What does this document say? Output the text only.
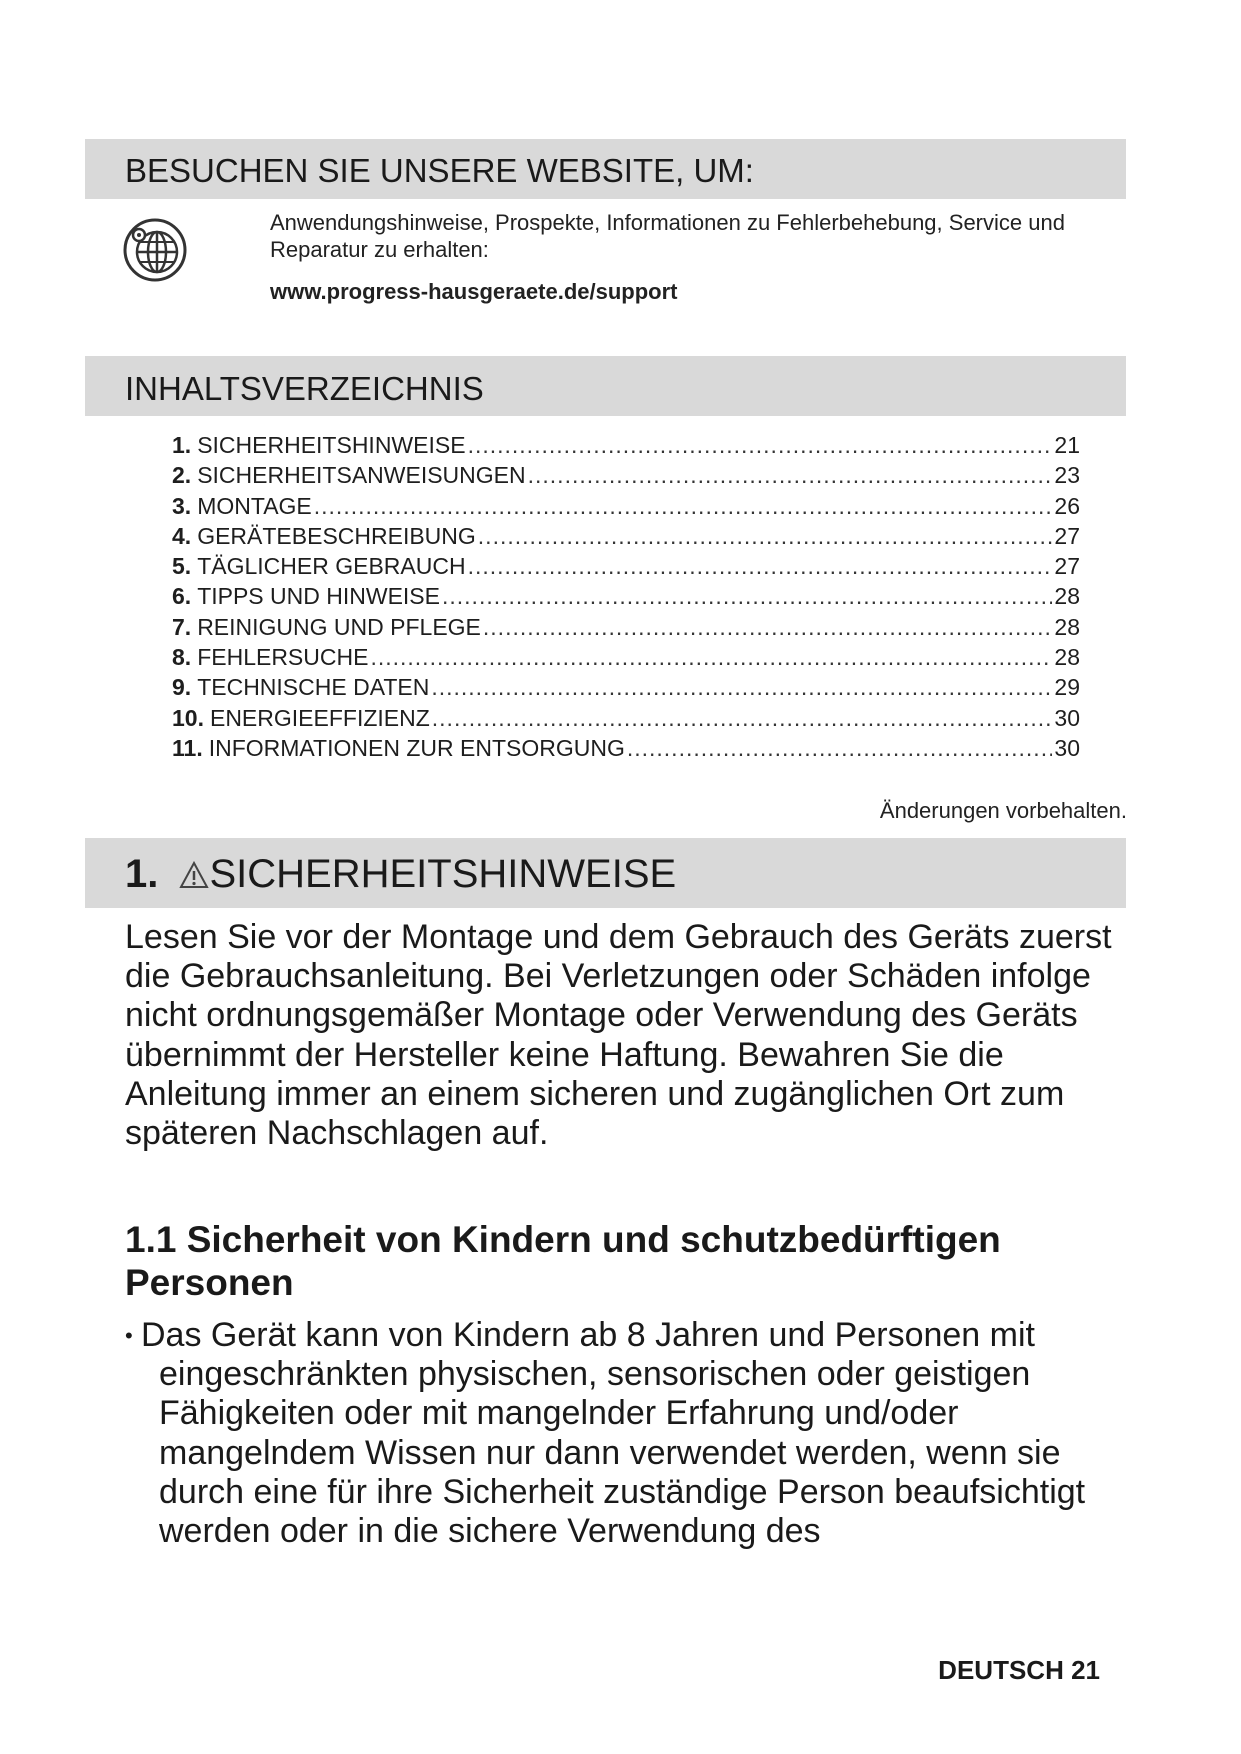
BESUCHEN SIE UNSERE WEBSITE, UM:
Anwendungshinweise, Prospekte, Informationen zu Fehlerbehebung, Service und Reparatur zu erhalten:
www.progress-hausgeraete.de/support
INHALTSVERZEICHNIS
1. SICHERHEITSHINWEISE .....	21
2. SICHERHEITSANWEISUNGEN .....	23
3. MONTAGE .....	26
4. GERÄTEBESCHREIBUNG .....	27
5. TÄGLICHER GEBRAUCH .....	27
6. TIPPS UND HINWEISE .....	28
7. REINIGUNG UND PFLEGE .....	28
8. FEHLERSUCHE .....	28
9. TECHNISCHE DATEN .....	29
10. ENERGIEEFFIZIENZ .....	30
11. INFORMATIONEN ZUR ENTSORGUNG .....	30
Änderungen vorbehalten.
1. SICHERHEITSHINWEISE
Lesen Sie vor der Montage und dem Gebrauch des Geräts zuerst die Gebrauchsanleitung. Bei Verletzungen oder Schäden infolge nicht ordnungsgemäßer Montage oder Verwendung des Geräts übernimmt der Hersteller keine Haftung. Bewahren Sie die Anleitung immer an einem sicheren und zugänglichen Ort zum späteren Nachschlagen auf.
1.1 Sicherheit von Kindern und schutzbedürftigen Personen
• Das Gerät kann von Kindern ab 8 Jahren und Personen mit
eingeschränkten physischen, sensorischen oder geistigen Fähigkeiten oder mit mangelnder Erfahrung und/oder mangelndem Wissen nur dann verwendet werden, wenn sie durch eine für ihre Sicherheit zuständige Person beaufsichtigt werden oder in die sichere Verwendung des
DEUTSCH 21
